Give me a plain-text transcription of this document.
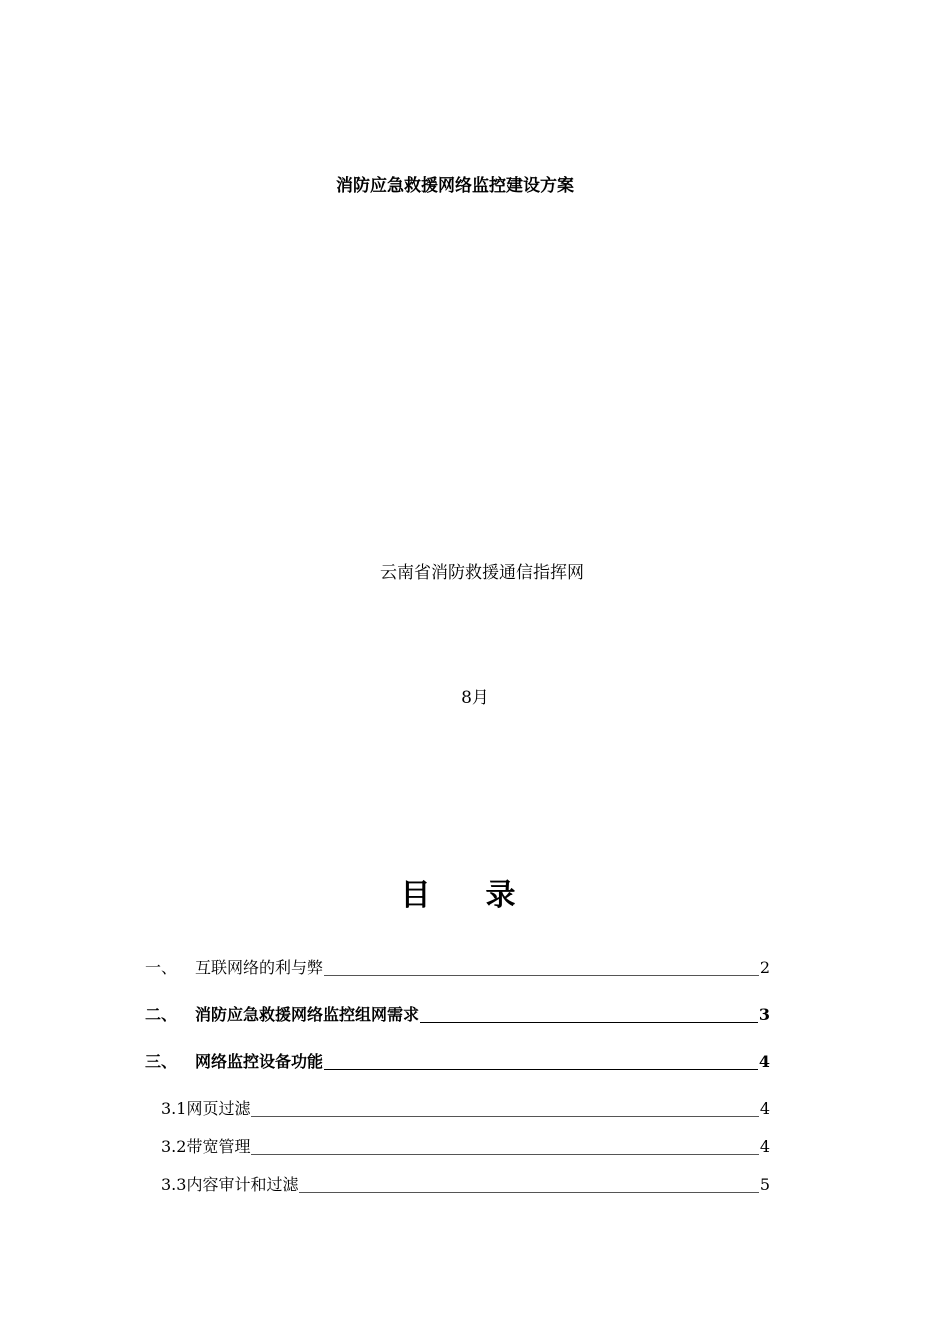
消防应急救援网络监控建设方案
云南省消防救援通信指挥网
8月
目录
一、	互联网络的利与弊	2
二、	消防应急救援网络监控组网需求	3
三、	网络监控设备功能	4
3.1 网页过滤	4
3.2 带宽管理	4
3.3 内容审计和过滤	5
